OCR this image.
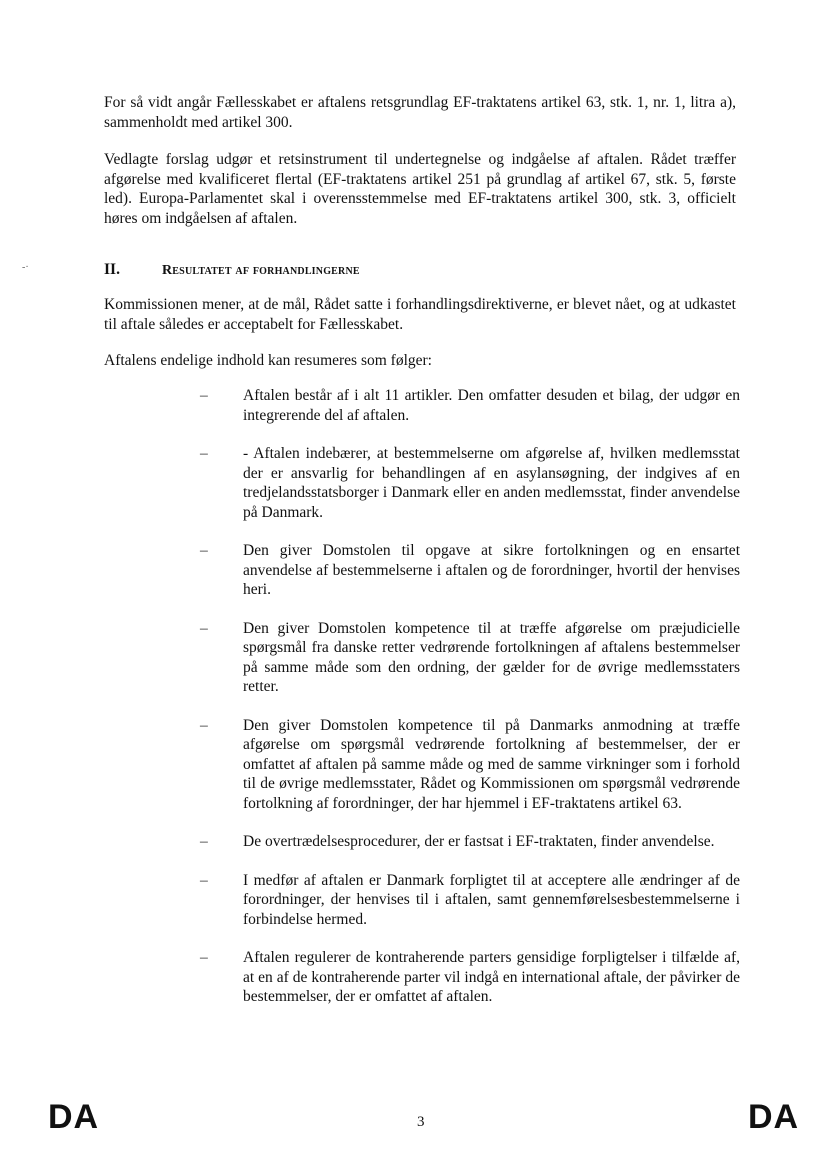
For så vidt angår Fællesskabet er aftalens retsgrundlag EF-traktatens artikel 63, stk. 1, nr. 1, litra a), sammenholdt med artikel 300.

Vedlagte forslag udgør et retsinstrument til undertegnelse og indgåelse af aftalen. Rådet træffer afgørelse med kvalificeret flertal (EF-traktatens artikel 251 på grundlag af artikel 67, stk. 5, første led). Europa-Parlamentet skal i overensstemmelse med EF-traktatens artikel 300, stk. 3, officielt høres om indgåelsen af aftalen.

-·	II.	Resultatet af forhandlingerne

Kommissionen mener, at de mål, Rådet satte i forhandlingsdirektiverne, er blevet nået, og at udkastet til aftale således er acceptabelt for Fællesskabet.

Aftalens endelige indhold kan resumeres som følger:

–	Aftalen består af i alt 11 artikler. Den omfatter desuden et bilag, der udgør en integrerende del af aftalen.
–	- Aftalen indebærer, at bestemmelserne om afgørelse af, hvilken medlemsstat der er ansvarlig for behandlingen af en asylansøgning, der indgives af en tredjelandsstatsborger i Danmark eller en anden medlemsstat, finder anvendelse på Danmark.
–	Den giver Domstolen til opgave at sikre fortolkningen og en ensartet anvendelse af bestemmelserne i aftalen og de forordninger, hvortil der henvises heri.
–	Den giver Domstolen kompetence til at træffe afgørelse om præjudicielle spørgsmål fra danske retter vedrørende fortolkningen af aftalens bestemmelser på samme måde som den ordning, der gælder for de øvrige medlemsstaters retter.
–	Den giver Domstolen kompetence til på Danmarks anmodning at træffe afgørelse om spørgsmål vedrørende fortolkning af bestemmelser, der er omfattet af aftalen på samme måde og med de samme virkninger som i forhold til de øvrige medlemsstater, Rådet og Kommissionen om spørgsmål vedrørende fortolkning af forordninger, der har hjemmel i EF-traktatens artikel 63.
–	De overtrædelsesprocedurer, der er fastsat i EF-traktaten, finder anvendelse.
–	I medfør af aftalen er Danmark forpligtet til at acceptere alle ændringer af de forordninger, der henvises til i aftalen, samt gennemførelsesbestemmelserne i forbindelse hermed.
–	Aftalen regulerer de kontraherende parters gensidige forpligtelser i tilfælde af, at en af de kontraherende parter vil indgå en international aftale, der påvirker de bestemmelser, der er omfattet af aftalen.
DA	3	DA
